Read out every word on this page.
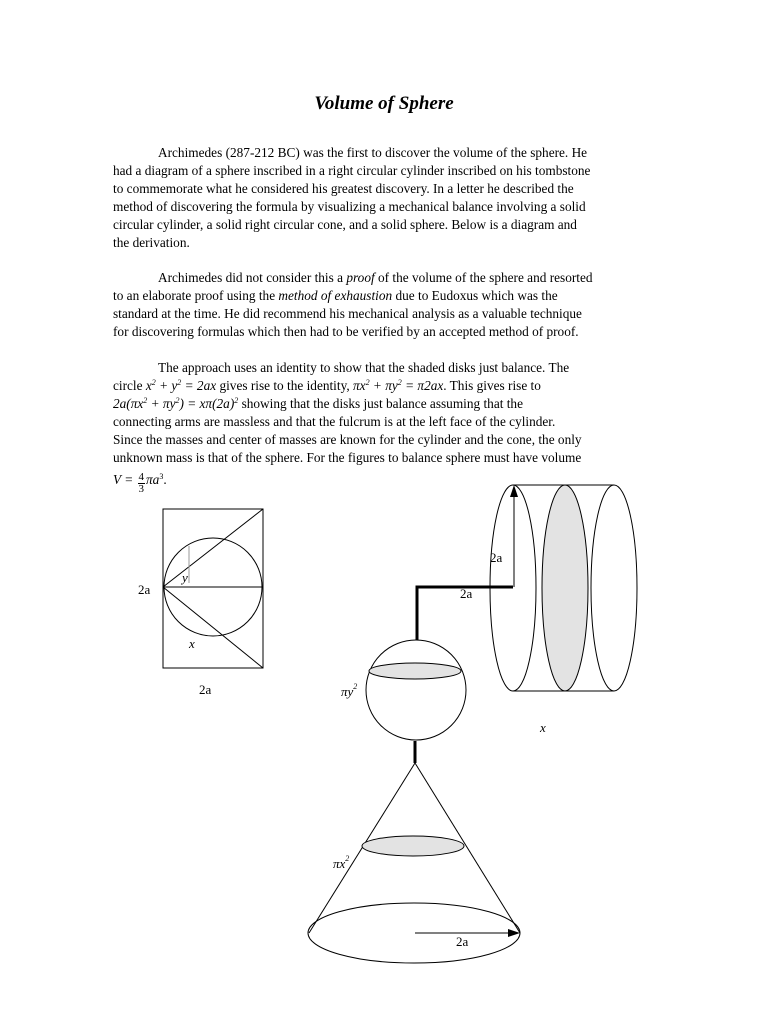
Volume of Sphere

Archimedes (287-212 BC) was the first to discover the volume of the sphere. He
had a diagram of a sphere inscribed in a right circular cylinder inscribed on his tombstone
to commemorate what he considered his greatest discovery. In a letter he described the
method of discovering the formula by visualizing a mechanical balance involving a solid
circular cylinder, a solid right circular cone, and a solid sphere. Below is a diagram and
the derivation.

Archimedes did not consider this a proof of the volume of the sphere and resorted
to an elaborate proof using the method of exhaustion due to Eudoxus which was the
standard at the time. He did recommend his mechanical analysis as a valuable technique
for discovering formulas which then had to be verified by an accepted method of proof.

The approach uses an identity to show that the shaded disks just balance. The
circle $x^2 + y^2 = 2ax$ gives rise to the identity, $\pi x^2 + \pi y^2 = \pi 2ax$. This gives rise to
$2a(\pi x^2 + \pi y^2) = x\pi(2a)^2$ showing that the disks just balance assuming that the
connecting arms are massless and that the fulcrum is at the left face of the cylinder.
Since the masses and center of masses are known for the cylinder and the cone, the only
unknown mass is that of the sphere. For the figures to balance sphere must have volume
$V = \frac{4}{3} \pi a^3$.

2a
y
x
2a
2a
2a
x
$\pi y^2$
$\pi x^2$
2a
